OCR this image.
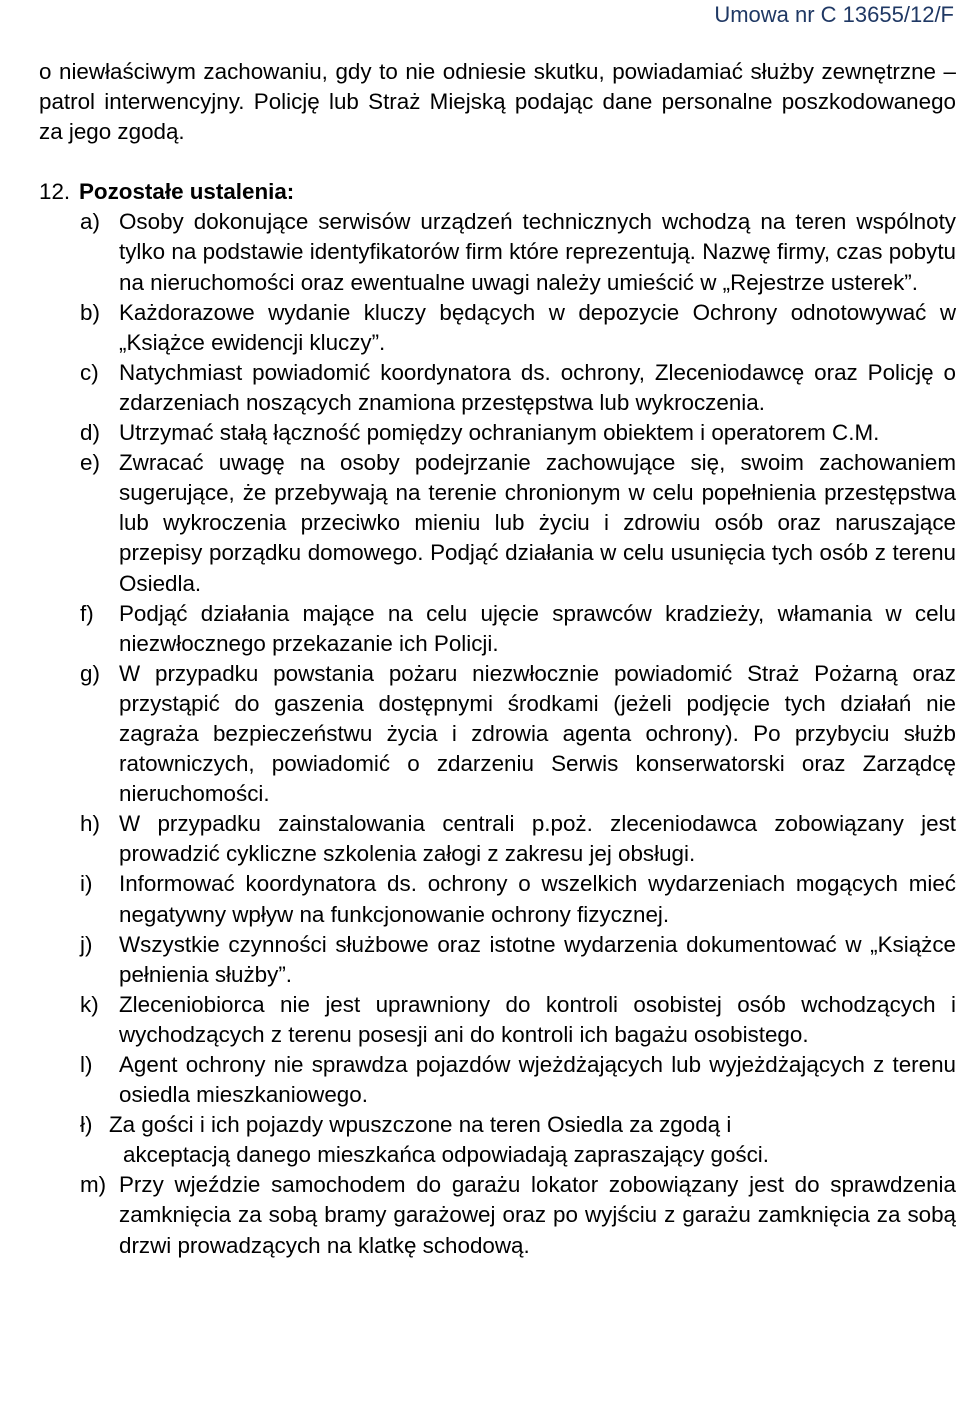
Umowa nr C 13655/12/F

o niewłaściwym zachowaniu, gdy to nie odniesie skutku, powiadamiać służby zewnętrzne – patrol interwencyjny. Policję lub Straż Miejską podając dane personalne poszkodowanego za jego zgodą.

12. Pozostałe ustalenia:
a) Osoby dokonujące serwisów urządzeń technicznych wchodzą na teren wspólnoty tylko na podstawie identyfikatorów firm które reprezentują. Nazwę firmy, czas pobytu na nieruchomości oraz ewentualne uwagi należy umieścić w „Rejestrze usterek”.
b) Każdorazowe wydanie kluczy będących w depozycie Ochrony odnotowywać w „Książce ewidencji kluczy”.
c) Natychmiast powiadomić koordynatora ds. ochrony, Zleceniodawcę oraz Policję o zdarzeniach noszących znamiona przestępstwa lub wykroczenia.
d) Utrzymać stałą łączność pomiędzy ochranianym obiektem i operatorem C.M.
e) Zwracać uwagę na osoby podejrzanie zachowujące się, swoim zachowaniem sugerujące, że przebywają na terenie chronionym w celu popełnienia przestępstwa lub wykroczenia przeciwko mieniu lub życiu i zdrowiu osób oraz naruszające przepisy porządku domowego. Podjąć działania w celu usunięcia tych osób z terenu Osiedla.
f)	Podjąć działania mające na celu ujęcie sprawców kradzieży, włamania w celu niezwłocznego przekazanie ich Policji.
g) W przypadku powstania pożaru niezwłocznie powiadomić Straż Pożarną oraz przystąpić do gaszenia dostępnymi środkami (jeżeli podjęcie tych działań nie zagraża bezpieczeństwu życia i zdrowia agenta ochrony). Po przybyciu służb ratowniczych, powiadomić o zdarzeniu Serwis konserwatorski oraz Zarządcę nieruchomości.
h) W przypadku zainstalowania centrali p.poż. zleceniodawca zobowiązany jest prowadzić cykliczne szkolenia załogi z zakresu jej obsługi.
i)	Informować koordynatora ds. ochrony o wszelkich wydarzeniach mogących mieć negatywny wpływ na funkcjonowanie ochrony fizycznej.
j)	Wszystkie czynności służbowe oraz istotne wydarzenia dokumentować w „Książce pełnienia służby”.
k) Zleceniobiorca nie jest uprawniony do kontroli osobistej osób wchodzących i wychodzących z terenu posesji ani do kontroli ich bagażu osobistego.
l)	Agent ochrony nie sprawdza pojazdów wjeżdżających lub wyjeżdżających z terenu osiedla mieszkaniowego.
ł) Za gości i ich pojazdy wpuszczone na teren Osiedla za zgodą i
akceptacją danego mieszkańca odpowiadają zapraszający gości.
m) Przy wjeździe samochodem do garażu lokator zobowiązany jest do sprawdzenia zamknięcia za sobą bramy garażowej oraz po wyjściu z garażu zamknięcia za sobą drzwi prowadzących na klatkę schodową.
